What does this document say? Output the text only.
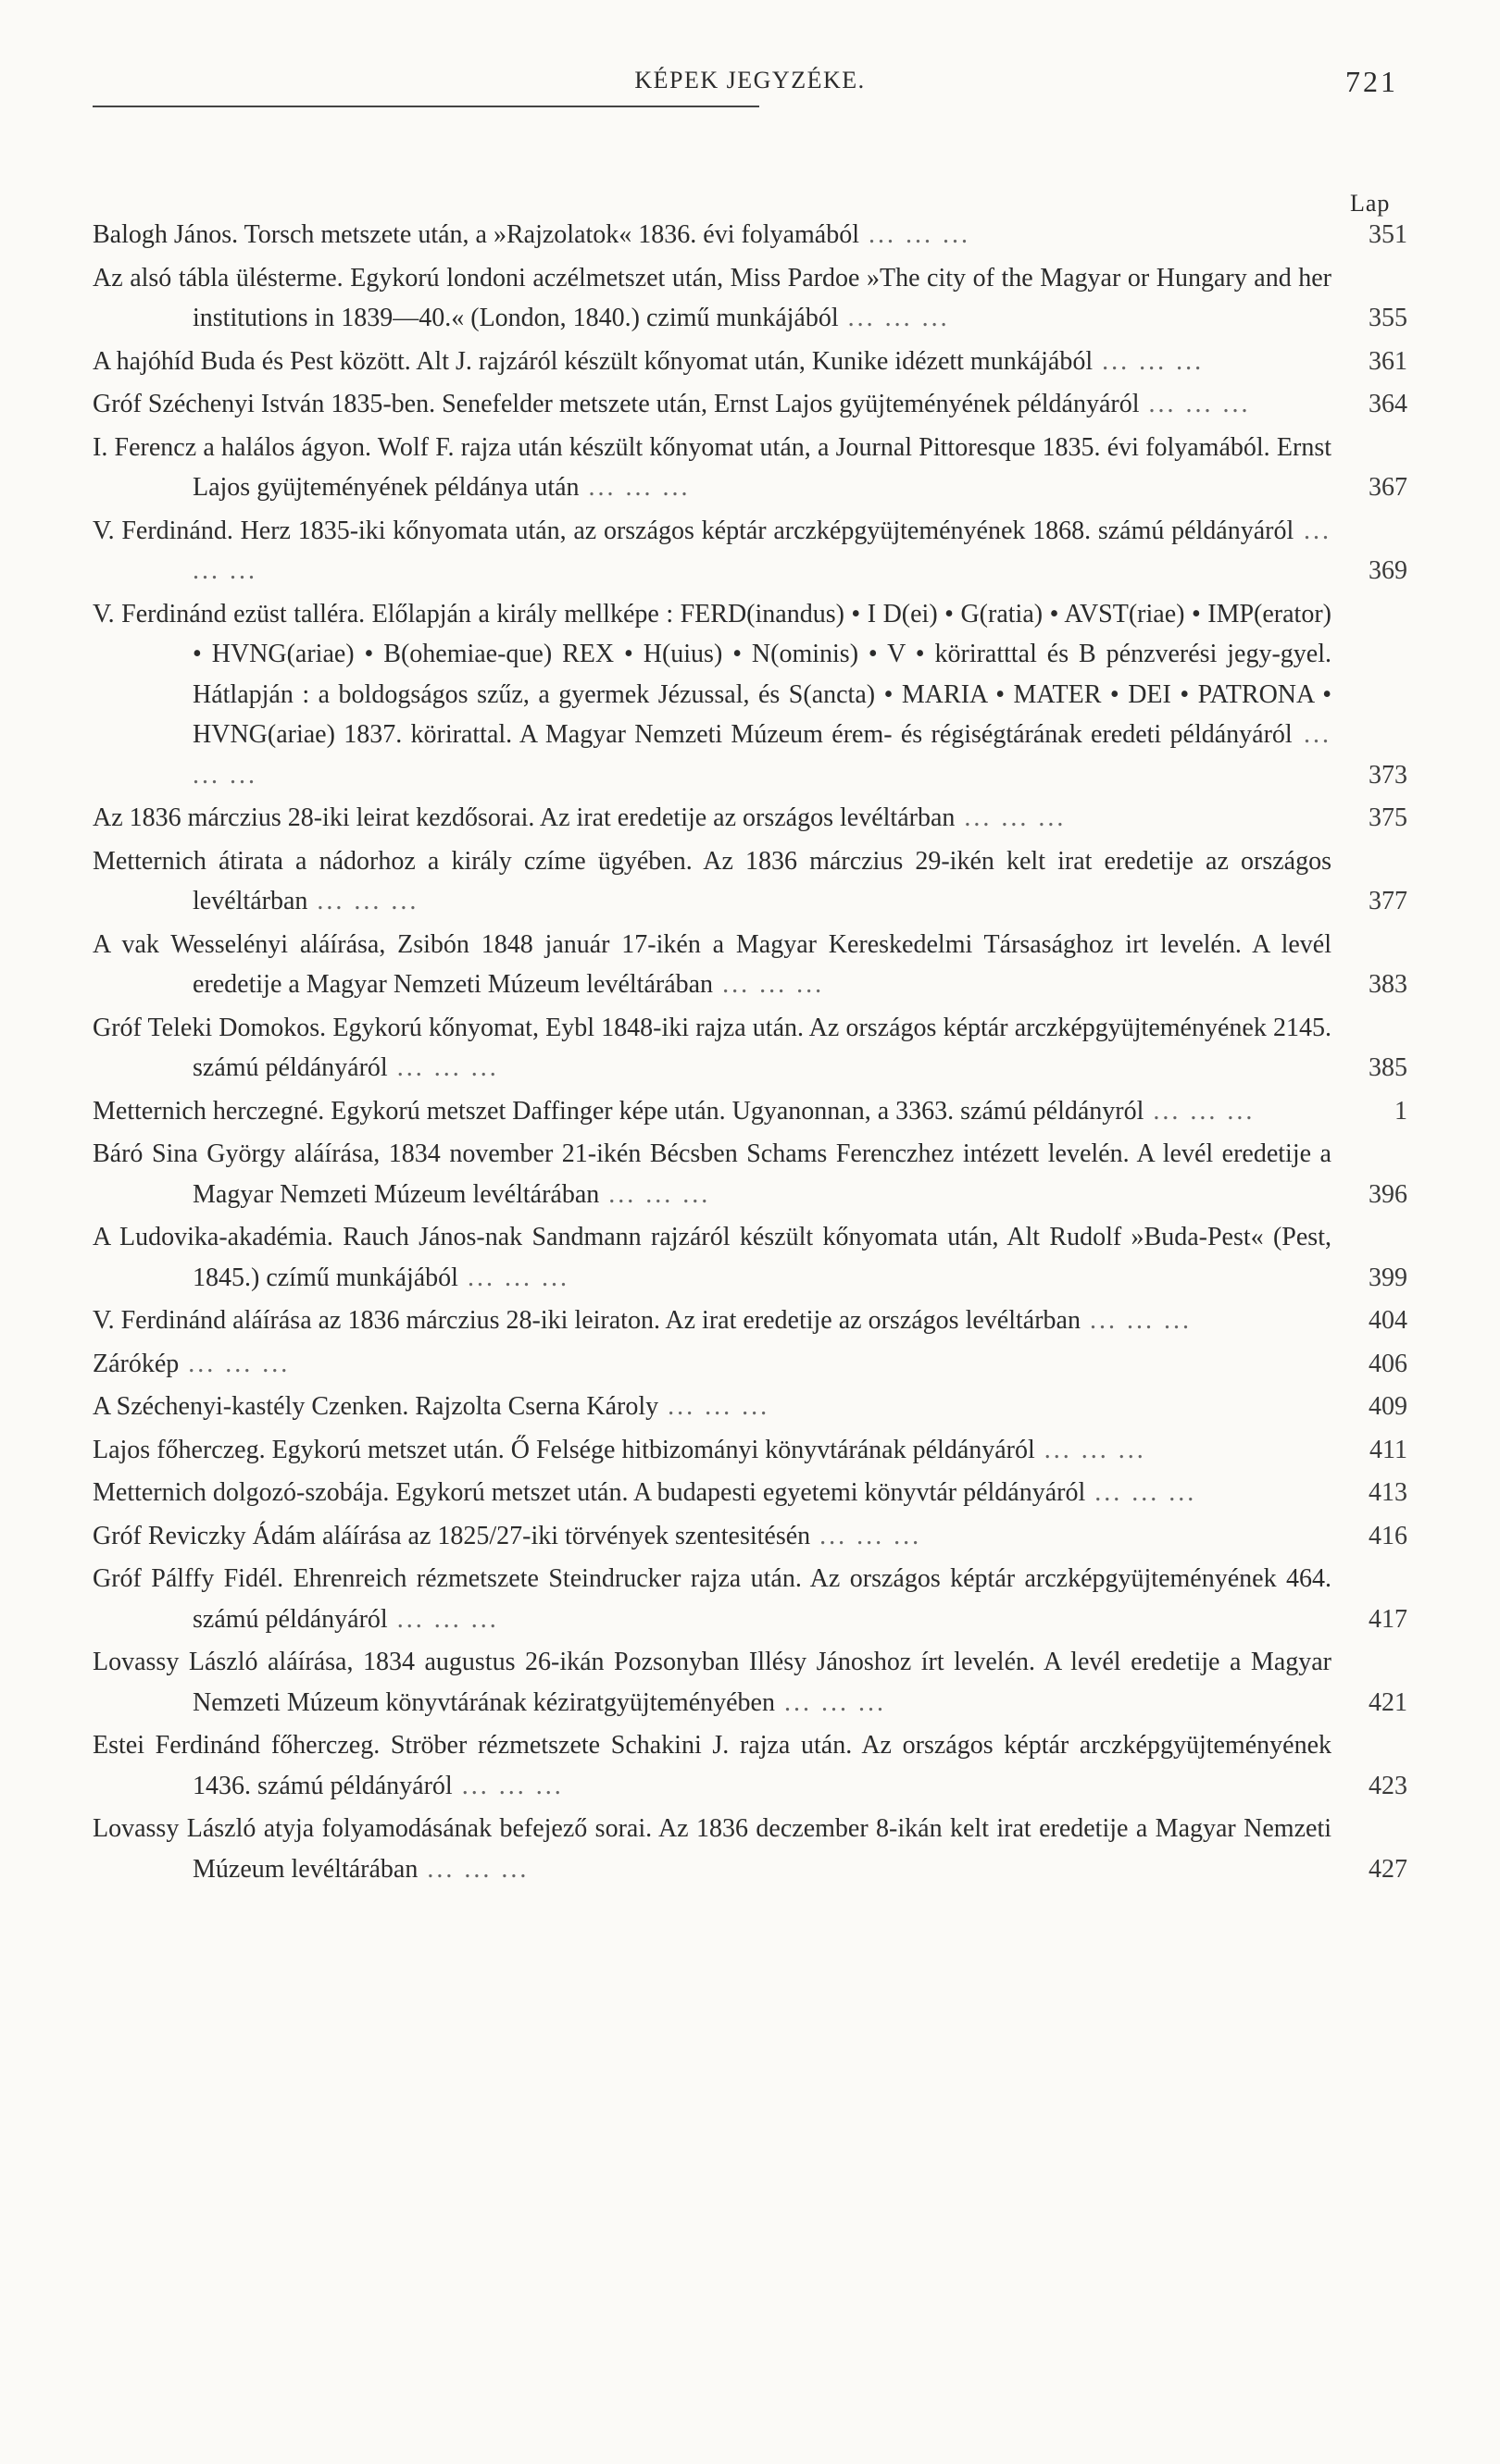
KÉPEK JEGYZÉKE.	721
Lap
Balogh János. Torsch metszete után, a »Rajzolatok« 1836. évi folyamából ... ... ...	351
Az alsó tábla ülésterme. Egykorú londoni aczélmetszet után, Miss Pardoe »The city of the Magyar or Hungary and her institutions in 1839—40.« (London, 1840.) czimű munkájából ... ... ...	355
A hajóhíd Buda és Pest között. Alt J. rajzáról készült kőnyomat után, Kunike idézett munkájából ... ... ...	361
Gróf Széchenyi István 1835-ben. Senefelder metszete után, Ernst Lajos gyüjteményének példányáról ... ... ...	364
I. Ferencz a halálos ágyon. Wolf F. rajza után készült kőnyomat után, a Journal Pittoresque 1835. évi folyamából. Ernst Lajos gyüjteményének példánya után ... ... ...	367
V. Ferdinánd. Herz 1835-iki kőnyomata után, az országos képtár arczképgyüjteményének 1868. számú példányáról ... ... ...	369
V. Ferdinánd ezüst talléra. Előlapján a király mellképe : FERD(inandus) • I D(ei) • G(ratia) • AVST(riae) • IMP(erator) • HVNG(ariae) • B(ohemiae-que) REX • H(uius) • N(ominis) • V • köriratttal és B pénzverési jegy-gyel. Hátlapján : a boldogságos szűz, a gyermek Jézussal, és S(ancta) • MARIA • MATER • DEI • PATRONA • HVNG(ariae) 1837. körirattal. A Magyar Nemzeti Múzeum érem- és régiségtárának eredeti példányáról ... ... ...	373
Az 1836 márczius 28-iki leirat kezdősorai. Az irat eredetije az országos levéltárban ... ... ...	375
Metternich átirata a nádorhoz a király czíme ügyében. Az 1836 márczius 29-ikén kelt irat eredetije az országos levéltárban ... ... ...	377
A vak Wesselényi aláírása, Zsibón 1848 január 17-ikén a Magyar Kereskedelmi Társasághoz irt levelén. A levél eredetije a Magyar Nemzeti Múzeum levéltárában ... ... ...	383
Gróf Teleki Domokos. Egykorú kőnyomat, Eybl 1848-iki rajza után. Az országos képtár arczképgyüjteményének 2145. számú példányáról ... ... ...	385
Metternich herczegné. Egykorú metszet Daffinger képe után. Ugyanonnan, a 3363. számú példányról ... ... ...	1
Báró Sina György aláírása, 1834 november 21-ikén Bécsben Schams Ferenczhez intézett levelén. A levél eredetije a Magyar Nemzeti Múzeum levéltárában ... ... ...	396
A Ludovika-akadémia. Rauch János-nak Sandmann rajzáról készült kőnyomata után, Alt Rudolf »Buda-Pest« (Pest, 1845.) czímű munkájából ... ... ...	399
V. Ferdinánd aláírása az 1836 márczius 28-iki leiraton. Az irat eredetije az országos levéltárban ... ... ...	404
Zárókép ... ... ...	406
A Széchenyi-kastély Czenken. Rajzolta Cserna Károly ... ... ...	409
Lajos főherczeg. Egykorú metszet után. Ő Felsége hitbizományi könyvtárának példányáról ... ... ...	411
Metternich dolgozó-szobája. Egykorú metszet után. A budapesti egyetemi könyvtár példányáról ... ... ...	413
Gróf Reviczky Ádám aláírása az 1825/27-iki törvények szentesitésén ... ... ...	416
Gróf Pálffy Fidél. Ehrenreich rézmetszete Steindrucker rajza után. Az országos képtár arczképgyüjteményének 464. számú példányáról ... ... ...	417
Lovassy László aláírása, 1834 augustus 26-ikán Pozsonyban Illésy Jánoshoz írt levelén. A levél eredetije a Magyar Nemzeti Múzeum könyvtárának kéziratgyüjteményében ... ... ...	421
Estei Ferdinánd főherczeg. Ströber rézmetszete Schakini J. rajza után. Az országos képtár arczképgyüjteményének 1436. számú példányáról ... ... ...	423
Lovassy László atyja folyamodásának befejező sorai. Az 1836 deczember 8-ikán kelt irat eredetije a Magyar Nemzeti Múzeum levéltárában ... ... ...	427
